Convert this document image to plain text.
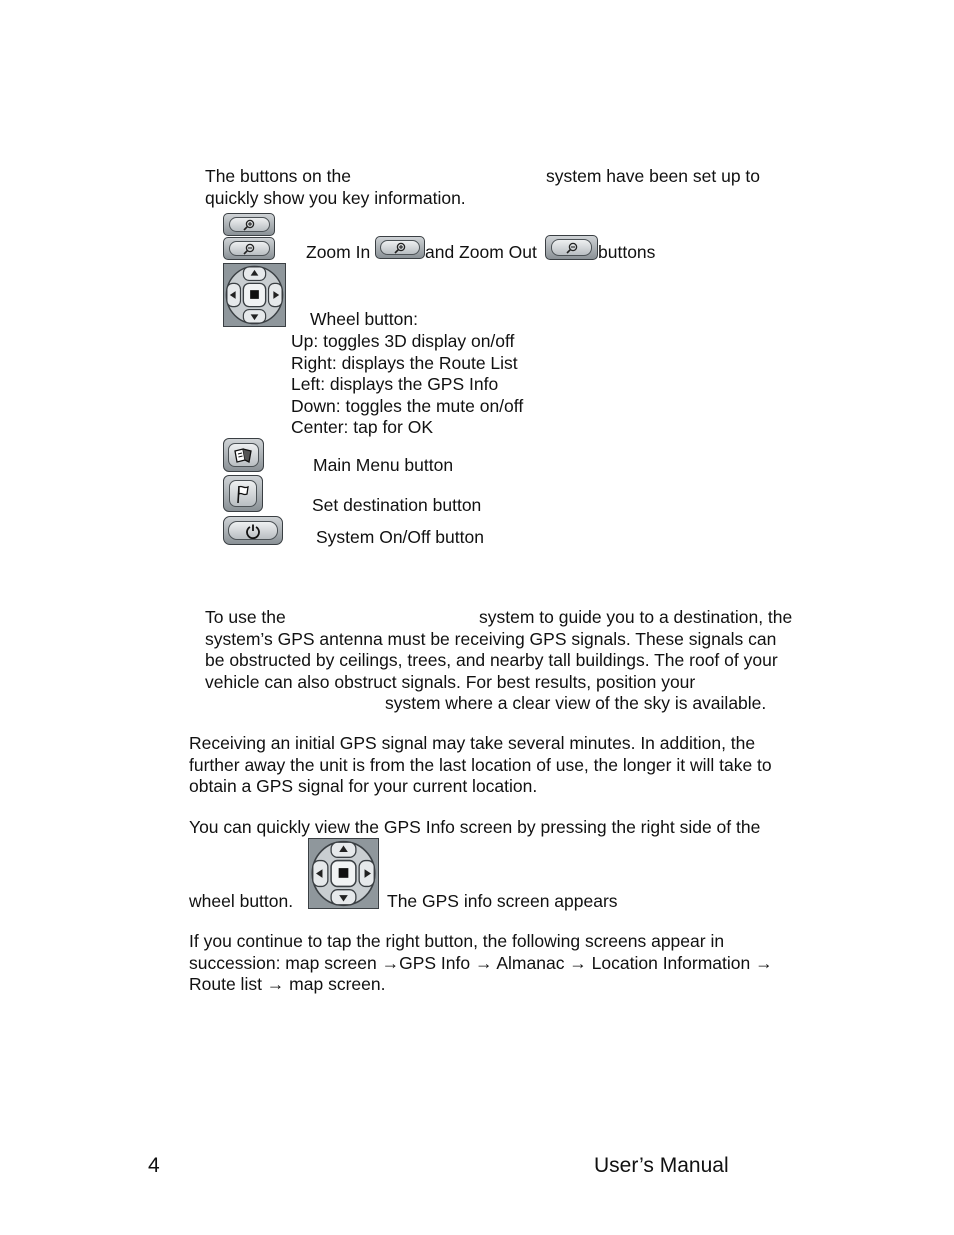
The buttons on the	system have been set up to
quickly show you key information.
Zoom In	and Zoom Out	buttons
Wheel button:
Up: toggles 3D display on/off
Right: displays the Route List
Left: displays the GPS Info
Down: toggles the mute on/off
Center: tap for OK
Main Menu button
Set destination button
System On/Off button
To use the	system to guide you to a destination, the
system’s GPS antenna must be receiving GPS signals. These signals can
be obstructed by ceilings, trees, and nearby tall buildings. The roof of your
vehicle can also obstruct signals. For best results, position your
system where a clear view of the sky is available.
Receiving an initial GPS signal may take several minutes. In addition, the
further away the unit is from the last location of use, the longer it will take to
obtain a GPS signal for your current location.
You can quickly view the GPS Info screen by pressing the right side of the
wheel button.	The GPS info screen appears
If you continue to tap the right button, the following screens appear in
succession: map screen →GPS Info → Almanac → Location Information →
Route list → map screen.
4	User’s Manual
